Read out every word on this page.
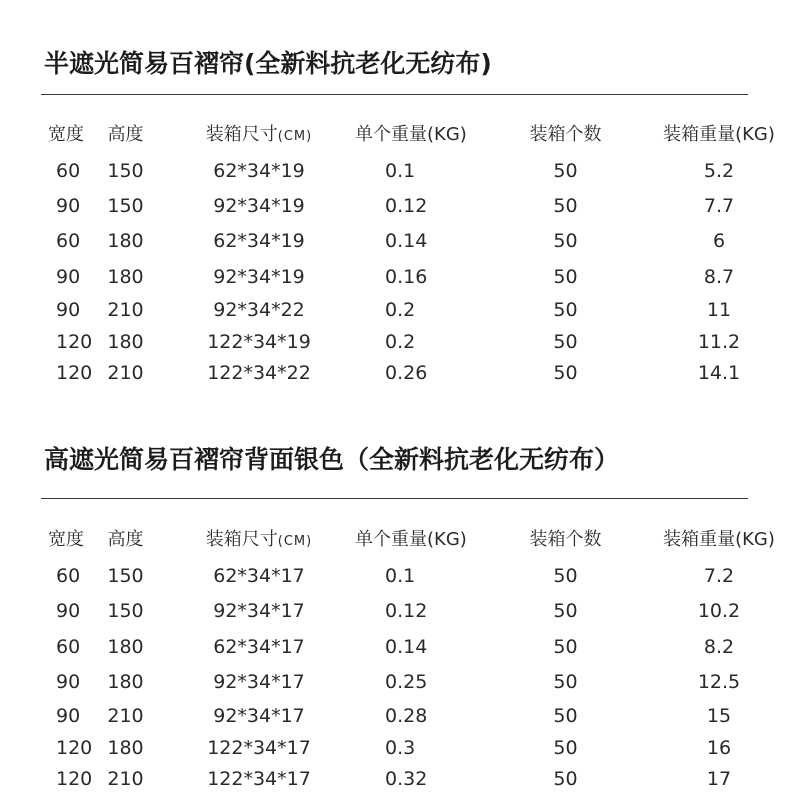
半遮光简易百褶帘(全新料抗老化无纺布)
	宽度	高度	装箱尺寸(CM)	单个重量(KG)	装箱个数	装箱重量(KG)
	60	150	62*34*19	0.1	50	5.2
	90	150	92*34*19	0.12	50	7.7
	60	180	62*34*19	0.14	50	6
	90	180	92*34*19	0.16	50	8.7
	90	210	92*34*22	0.2	50	11
	120	180	122*34*19	0.2	50	11.2
	120	210	122*34*22	0.26	50	14.1
高遮光简易百褶帘背面银色（全新料抗老化无纺布）
	宽度	高度	装箱尺寸(CM)	单个重量(KG)	装箱个数	装箱重量(KG)
	60	150	62*34*17	0.1	50	7.2
	90	150	92*34*17	0.12	50	10.2
	60	180	62*34*17	0.14	50	8.2
	90	180	92*34*17	0.25	50	12.5
	90	210	92*34*17	0.28	50	15
	120	180	122*34*17	0.3	50	16
	120	210	122*34*17	0.32	50	17
